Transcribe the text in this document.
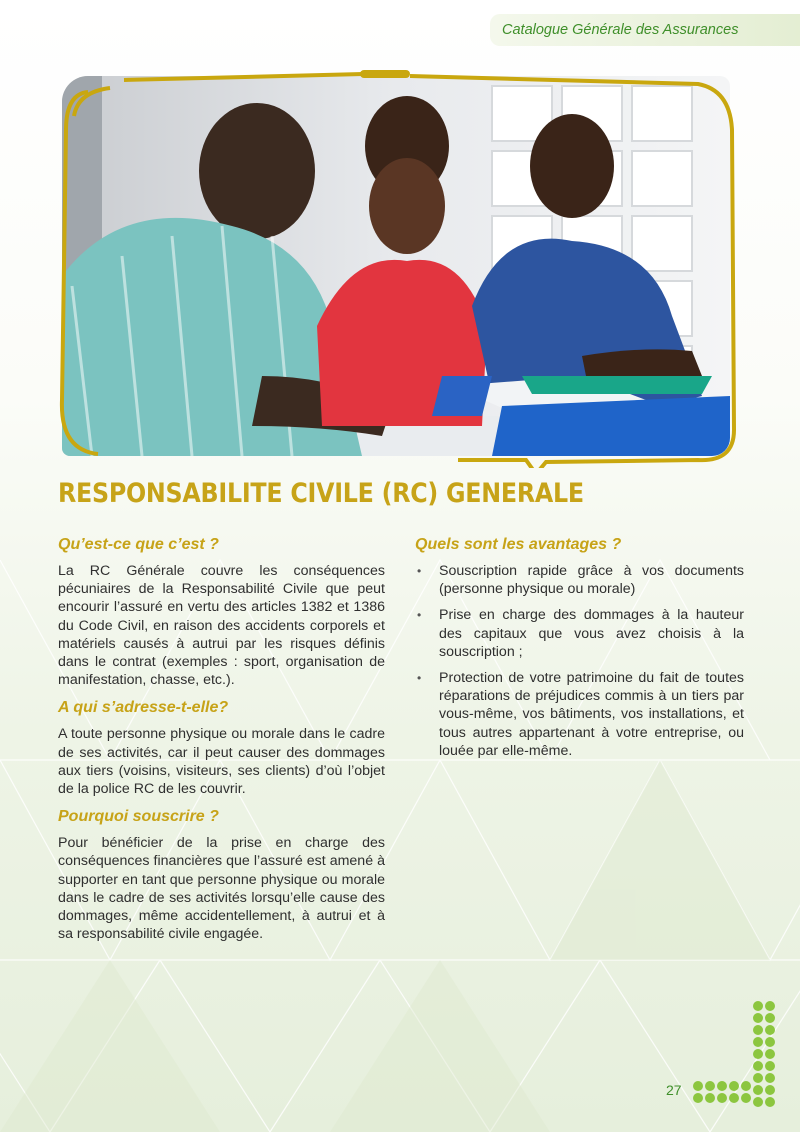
Catalogue Générale des Assurances
RESPONSABILITE CIVILE (RC) GENERALE
Qu’est-ce que c’est ?

La RC Générale couvre les conséquences pécuniaires de la Responsabilité Civile que peut encourir l’assuré en vertu des articles 1382 et 1386 du Code Civil, en raison des accidents corporels et matériels causés à autrui par les risques définis dans le contrat (exemples : sport, organisation de manifestation, chasse, etc.).

A qui s’adresse-t-elle?

A toute personne physique ou morale dans le cadre de ses activités, car il peut causer des dommages aux tiers (voisins, visiteurs, ses clients) d’où l’objet de la police RC de les couvrir.

Pourquoi souscrire ?

Pour bénéficier de la prise en charge des conséquences financières que l’assuré est amené à supporter en tant que personne physique ou morale dans le cadre de ses activités lorsqu’elle cause des dommages, même accidentellement, à autrui et à sa responsabilité civile engagée.

Quels sont les avantages ?
• Souscription rapide grâce à vos documents (personne physique ou morale)
• Prise en charge des dommages à la hauteur des capitaux que vous avez choisis à la souscription ;
• Protection de votre patrimoine du fait de toutes réparations de préjudices commis à un tiers par vous-même, vos bâtiments, vos installations, et tous autres appartenant à votre entreprise, ou louée par elle-même.
27
